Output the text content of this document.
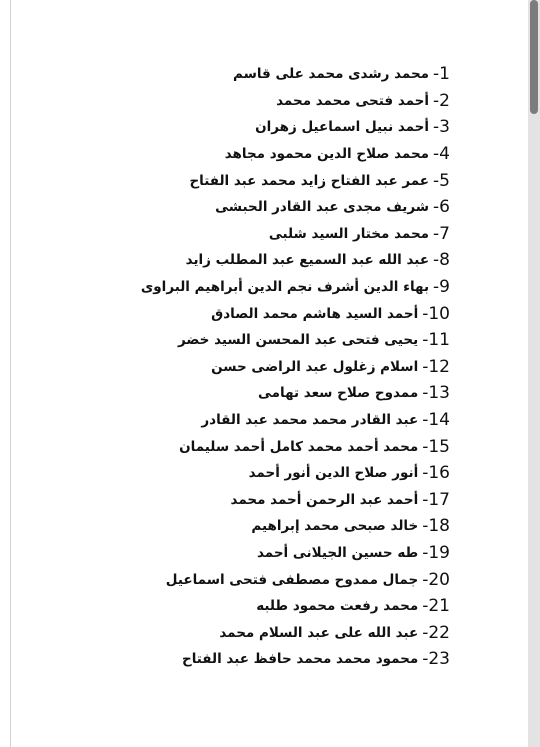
-1
محمد رشدى محمد على قاسم
-2
أحمد فتحى محمد محمد
-3
أحمد نبيل اسماعيل زهران
-4
محمد صلاح الدين محمود مجاهد
-5
عمر عبد الفتاح زايد محمد عبد الفتاح
-6
شريف مجدى عبد القادر الحبشى
-7
محمد مختار السيد شلبى
-8
عبد الله عبد السميع عبد المطلب زايد
-9
بهاء الدين أشرف نجم الدين أبراهيم البراوى
-10
أحمد السيد هاشم محمد الصادق
-11
يحيى فتحى عبد المحسن السيد خضر
-12
اسلام زغلول عبد الراضى حسن
-13
ممدوح صلاح سعد تهامى
-14
عبد القادر محمد محمد عبد القادر
-15
محمد أحمد محمد كامل أحمد سليمان
-16
أنور صلاح الدين أنور أحمد
-17
أحمد عبد الرحمن أحمد محمد
-18
خالد صبحى محمد إبراهيم
-19
طه حسين الجيلانى أحمد
-20
جمال ممدوح مصطفى فتحى اسماعيل
-21
محمد رفعت محمود طلبه
-22
عبد الله على عبد السلام محمد
-23
محمود محمد محمد حافظ عبد الفتاح
